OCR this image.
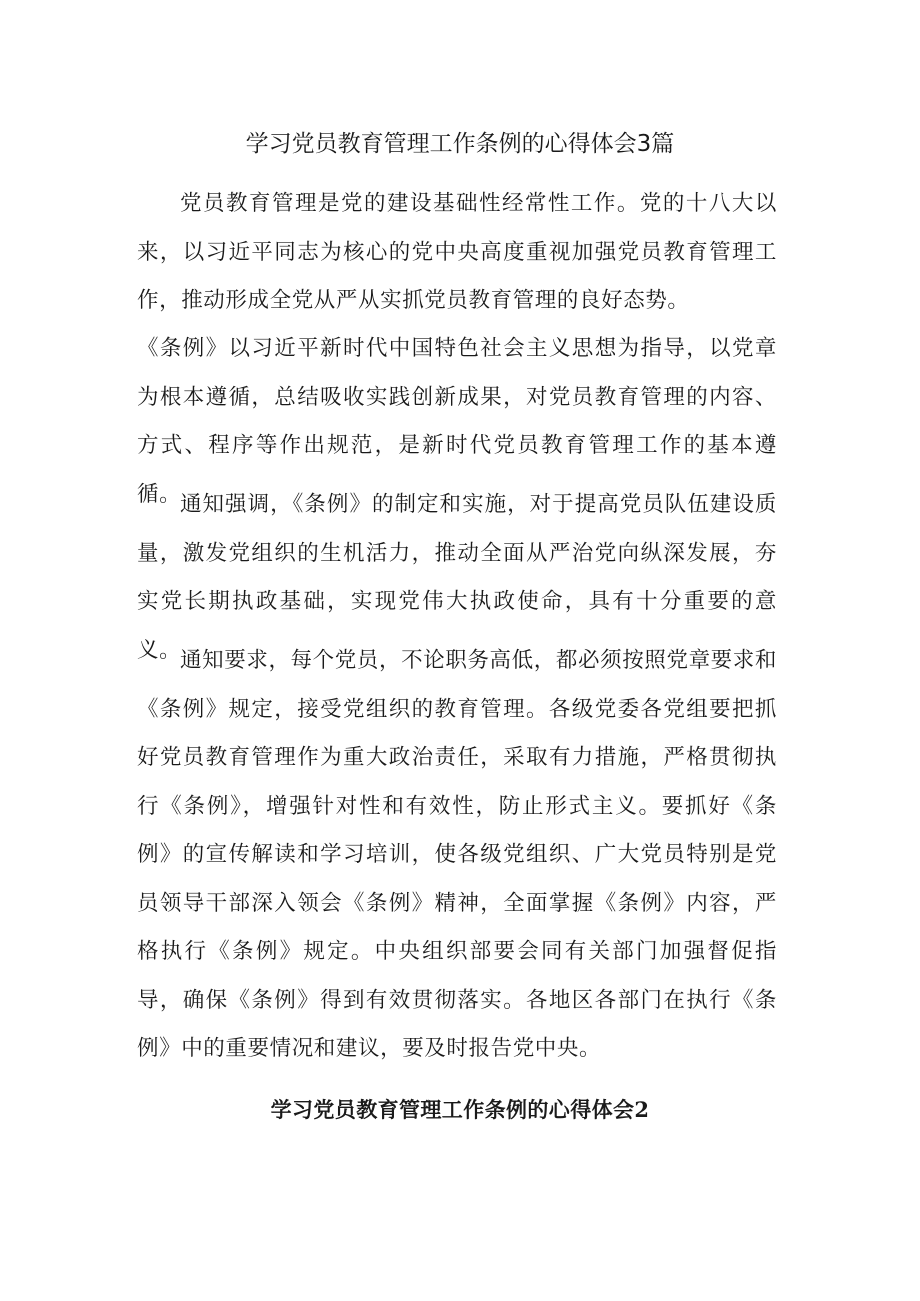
学习党员教育管理工作条例的心得体会3篇

党员教育管理是党的建设基础性经常性工作。党的十八大以来，以习近平同志为核心的党中央高度重视加强党员教育管理工作，推动形成全党从严从实抓党员教育管理的良好态势。

《条例》以习近平新时代中国特色社会主义思想为指导，以党章为根本遵循，总结吸收实践创新成果，对党员教育管理的内容、方式、程序等作出规范，是新时代党员教育管理工作的基本遵循。

通知强调，《条例》的制定和实施，对于提高党员队伍建设质量，激发党组织的生机活力，推动全面从严治党向纵深发展，夯实党长期执政基础，实现党伟大执政使命，具有十分重要的意义。

通知要求，每个党员，不论职务高低，都必须按照党章要求和《条例》规定，接受党组织的教育管理。各级党委各党组要把抓好党员教育管理作为重大政治责任，采取有力措施，严格贯彻执行《条例》，增强针对性和有效性，防止形式主义。要抓好《条例》的宣传解读和学习培训，使各级党组织、广大党员特别是党员领导干部深入领会《条例》精神，全面掌握《条例》内容，严格执行《条例》规定。中央组织部要会同有关部门加强督促指导，确保《条例》得到有效贯彻落实。各地区各部门在执行《条例》中的重要情况和建议，要及时报告党中央。

学习党员教育管理工作条例的心得体会2
